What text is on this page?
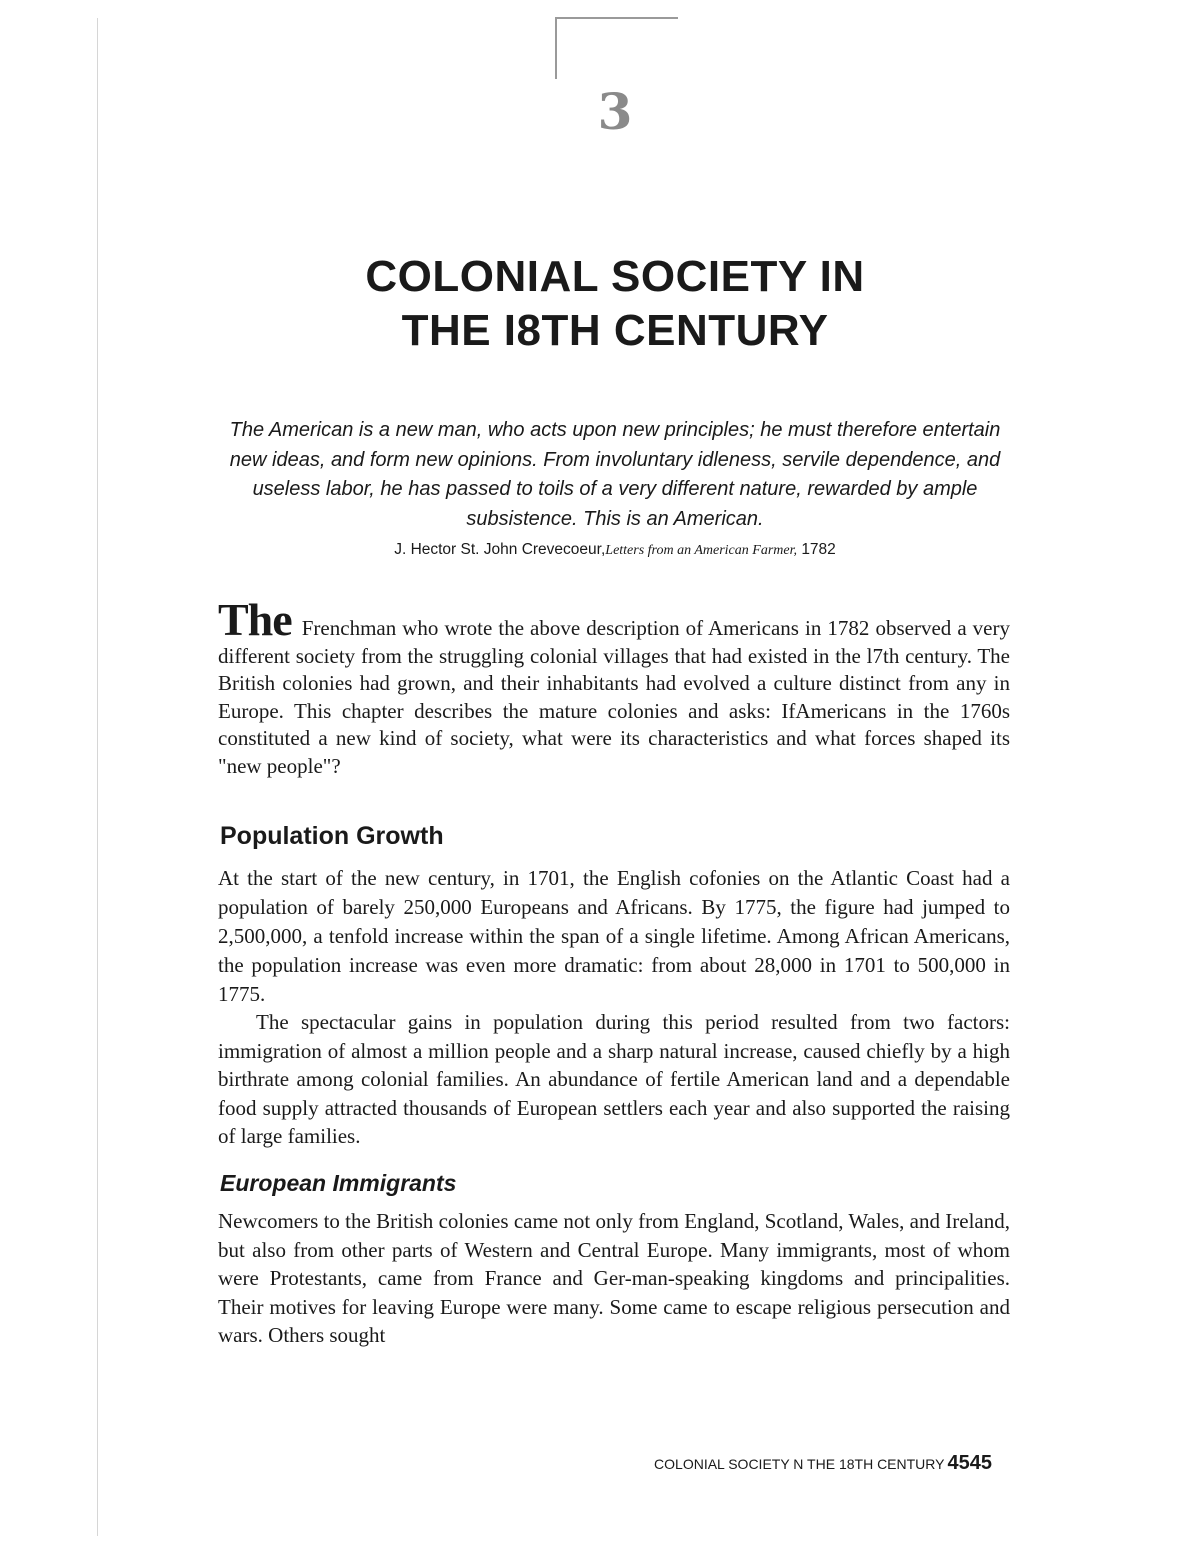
3
COLONIAL SOCIETY IN
THE I8TH CENTURY
The American is a new man, who acts upon new principles; he must therefore entertain new ideas, and form new opinions. From involuntary idleness, servile dependence, and useless labor, he has passed to toils of a very different nature, rewarded by ample subsistence. This is an American.
J. Hector St. John Crevecoeur,Letters from an American Farmer, 1782

The Frenchman who wrote the above description of Americans in 1782 observed a very different society from the struggling colonial villages that had existed in the l7th century. The British colonies had grown, and their inhabitants had evolved a culture distinct from any in Europe. This chapter describes the mature colonies and asks: IfAmericans in the 1760s constituted a new kind of society, what were its characteristics and what forces shaped its "new people"?

Population Growth

At the start of the new century, in 1701, the English cofonies on the Atlantic Coast had a population of barely 250,000 Europeans and Africans. By 1775, the figure had jumped to 2,500,000, a tenfold increase within the span of a single lifetime. Among African Americans, the population increase was even more dramatic: from about 28,000 in 1701 to 500,000 in 1775.

The spectacular gains in population during this period resulted from two factors: immigration of almost a million people and a sharp natural increase, caused chiefly by a high birthrate among colonial families. An abundance of fertile American land and a dependable food supply attracted thousands of European settlers each year and also supported the raising of large families.

European Immigrants

Newcomers to the British colonies came not only from England, Scotland, Wales, and Ireland, but also from other parts of Western and Central Europe. Many immigrants, most of whom were Protestants, came from France and Ger-man-speaking kingdoms and principalities. Their motives for leaving Europe were many. Some came to escape religious persecution and wars. Others sought

COLONIAL SOCIETY N THE 18TH CENTURY 4545
